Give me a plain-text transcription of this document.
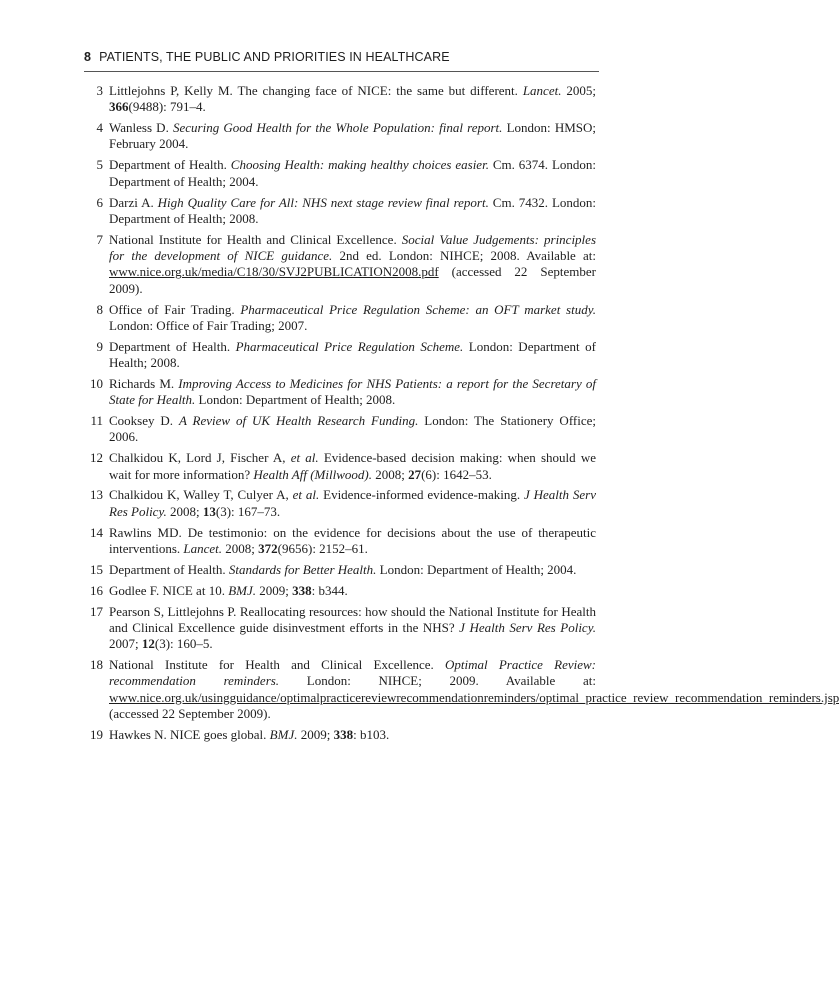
8 PATIENTS, THE PUBLIC AND PRIORITIES IN HEALTHCARE
3 Littlejohns P, Kelly M. The changing face of NICE: the same but different. Lancet. 2005; 366(9488): 791–4.
4 Wanless D. Securing Good Health for the Whole Population: final report. London: HMSO; February 2004.
5 Department of Health. Choosing Health: making healthy choices easier. Cm. 6374. London: Department of Health; 2004.
6 Darzi A. High Quality Care for All: NHS next stage review final report. Cm. 7432. London: Department of Health; 2008.
7 National Institute for Health and Clinical Excellence. Social Value Judgements: principles for the development of NICE guidance. 2nd ed. London: NIHCE; 2008. Available at: www.nice.org.uk/media/C18/30/SVJ2PUBLICATION2008.pdf (accessed 22 September 2009).
8 Office of Fair Trading. Pharmaceutical Price Regulation Scheme: an OFT market study. London: Office of Fair Trading; 2007.
9 Department of Health. Pharmaceutical Price Regulation Scheme. London: Department of Health; 2008.
10 Richards M. Improving Access to Medicines for NHS Patients: a report for the Secretary of State for Health. London: Department of Health; 2008.
11 Cooksey D. A Review of UK Health Research Funding. London: The Stationery Office; 2006.
12 Chalkidou K, Lord J, Fischer A, et al. Evidence-based decision making: when should we wait for more information? Health Aff (Millwood). 2008; 27(6): 1642–53.
13 Chalkidou K, Walley T, Culyer A, et al. Evidence-informed evidence-making. J Health Serv Res Policy. 2008; 13(3): 167–73.
14 Rawlins MD. De testimonio: on the evidence for decisions about the use of therapeutic interventions. Lancet. 2008; 372(9656): 2152–61.
15 Department of Health. Standards for Better Health. London: Department of Health; 2004.
16 Godlee F. NICE at 10. BMJ. 2009; 338: b344.
17 Pearson S, Littlejohns P. Reallocating resources: how should the National Institute for Health and Clinical Excellence guide disinvestment efforts in the NHS? J Health Serv Res Policy. 2007; 12(3): 160–5.
18 National Institute for Health and Clinical Excellence. Optimal Practice Review: recommendation reminders. London: NIHCE; 2009. Available at: www.nice.org.uk/usingguidance/optimalpracticereviewrecommendationreminders/optimal_practice_review_recommendation_reminders.jsp (accessed 22 September 2009).
19 Hawkes N. NICE goes global. BMJ. 2009; 338: b103.
